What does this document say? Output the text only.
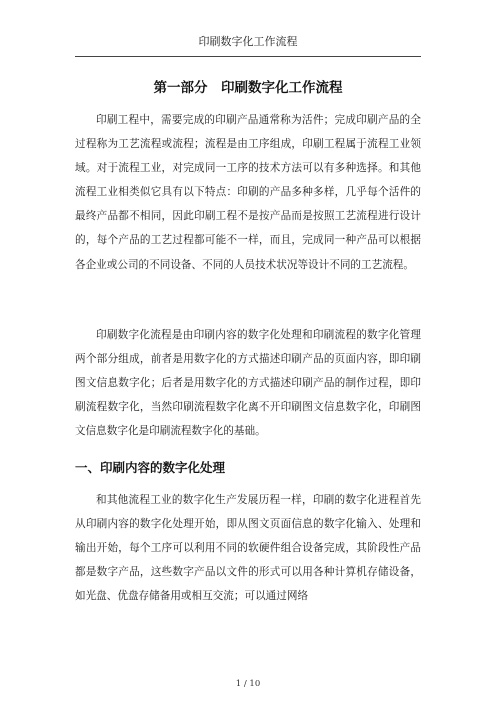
印刷数字化工作流程
第一部分　印刷数字化工作流程

印刷工程中，需要完成的印刷产品通常称为活件；完成印刷产品的全过程称为工艺流程或流程；流程是由工序组成，印刷工程属于流程工业领域。对于流程工业，对完成同一工序的技术方法可以有多种选择。和其他流程工业相类似它具有以下特点：印刷的产品多种多样，几乎每个活件的最终产品都不相同，因此印刷工程不是按产品而是按照工艺流程进行设计的，每个产品的工艺过程都可能不一样，而且，完成同一种产品可以根据各企业或公司的不同设备、不同的人员技术状况等设计不同的工艺流程。

印刷数字化流程是由印刷内容的数字化处理和印刷流程的数字化管理两个部分组成，前者是用数字化的方式描述印刷产品的页面内容，即印刷图文信息数字化；后者是用数字化的方式描述印刷产品的制作过程，即印刷流程数字化，当然印刷流程数字化离不开印刷图文信息数字化，印刷图文信息数字化是印刷流程数字化的基础。

一、印刷内容的数字化处理

和其他流程工业的数字化生产发展历程一样，印刷的数字化进程首先从印刷内容的数字化处理开始，即从图文页面信息的数字化输入、处理和输出开始，每个工序可以利用不同的软硬件组合设备完成，其阶段性产品都是数字产品，这些数字产品以文件的形式可以用各种计算机存储设备，如光盘、优盘存储备用或相互交流；可以通过网络

1 / 10
